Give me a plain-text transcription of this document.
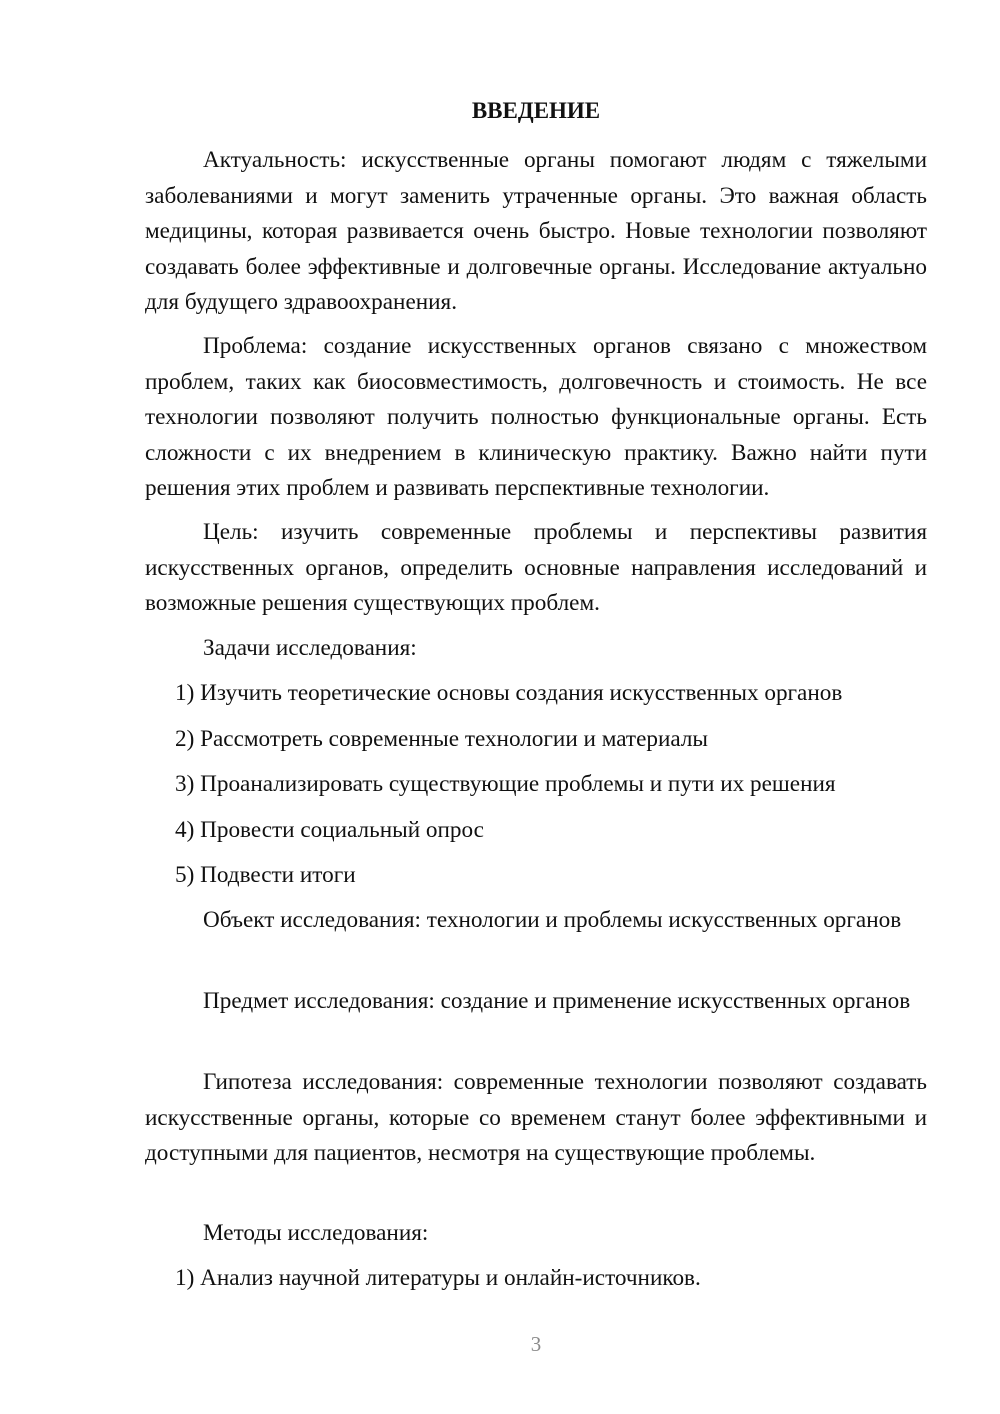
ВВЕДЕНИЕ

Актуальность: искусственные органы помогают людям с тяжелыми заболеваниями и могут заменить утраченные органы. Это важная область медицины, которая развивается очень быстро. Новые технологии позволяют создавать более эффективные и долговечные органы. Исследование актуально для будущего здравоохранения.

Проблема: создание искусственных органов связано с множеством проблем, таких как биосовместимость, долговечность и стоимость. Не все технологии позволяют получить полностью функциональные органы. Есть сложности с их внедрением в клиническую практику. Важно найти пути решения этих проблем и развивать перспективные технологии.

Цель: изучить современные проблемы и перспективы развития искусственных органов, определить основные направления исследований и возможные решения существующих проблем.

Задачи исследования:

1) Изучить теоретические основы создания искусственных органов
2) Рассмотреть современные технологии и материалы
3) Проанализировать существующие проблемы и пути их решения
4) Провести социальный опрос
5) Подвести итоги

Объект исследования: технологии и проблемы искусственных органов

Предмет исследования: создание и применение искусственных органов

Гипотеза исследования: современные технологии позволяют создавать искусственные органы, которые со временем станут более эффективными и доступными для пациентов, несмотря на существующие проблемы.

Методы исследования:

1) Анализ научной литературы и онлайн-источников.
3
